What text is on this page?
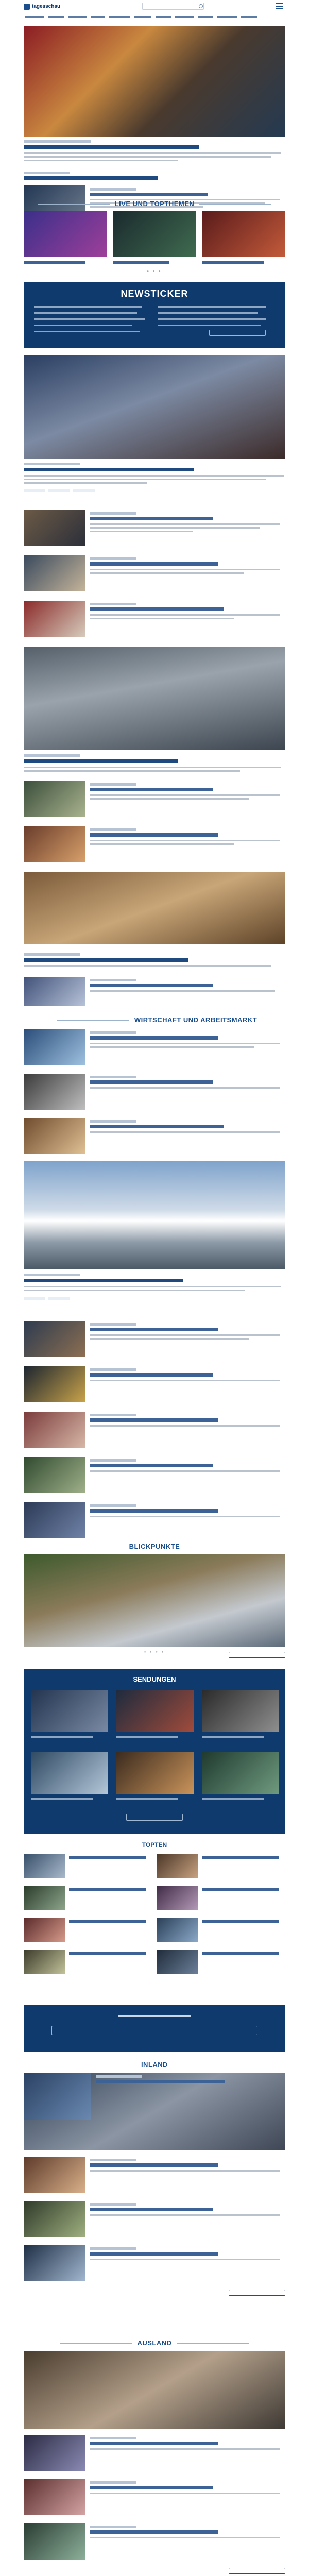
tagesschau
LIVE UND TOPTHEMEN
● ● ●
NEWSTICKER
WIRTSCHAFT UND ARBEITSMARKT
BLICKPUNKTE
● ● ● ●
SENDUNGEN
TOPTEN
INLAND
AUSLAND
